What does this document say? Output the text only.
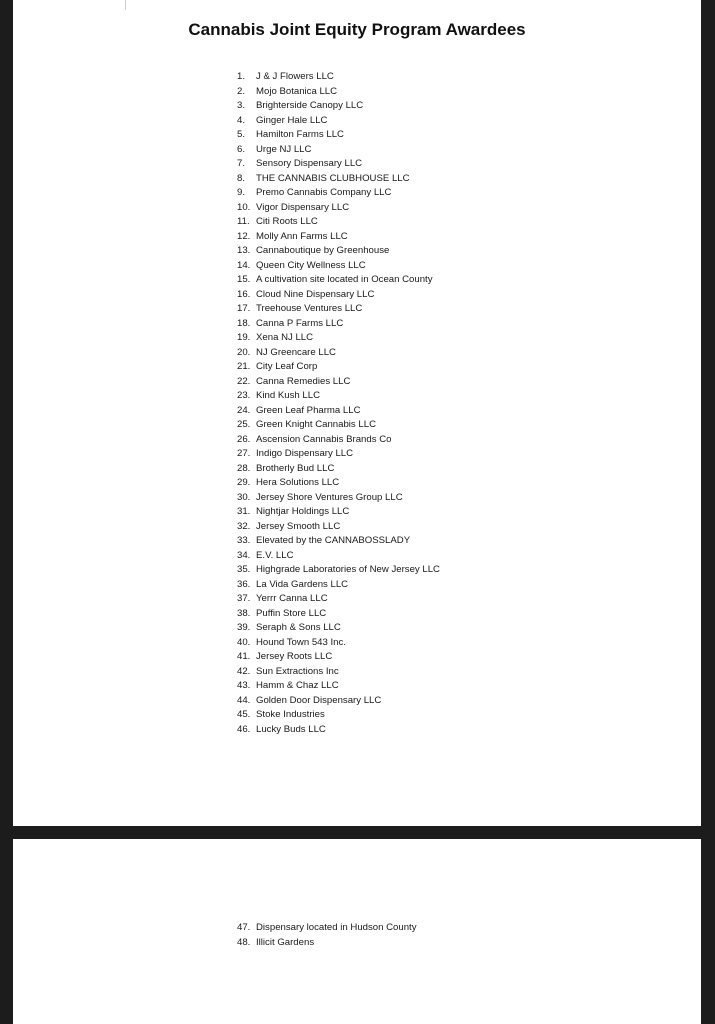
Cannabis Joint Equity Program Awardees
1. J & J Flowers LLC
2. Mojo Botanica LLC
3. Brighterside Canopy LLC
4. Ginger Hale LLC
5. Hamilton Farms LLC
6. Urge NJ LLC
7. Sensory Dispensary LLC
8. THE CANNABIS CLUBHOUSE LLC
9. Premo Cannabis Company LLC
10. Vigor Dispensary LLC
11. Citi Roots LLC
12. Molly Ann Farms LLC
13. Cannaboutique by Greenhouse
14. Queen City Wellness LLC
15. A cultivation site located in Ocean County
16. Cloud Nine Dispensary LLC
17. Treehouse Ventures LLC
18. Canna P Farms LLC
19. Xena NJ LLC
20. NJ Greencare LLC
21. City Leaf Corp
22. Canna Remedies LLC
23. Kind Kush LLC
24. Green Leaf Pharma LLC
25. Green Knight Cannabis LLC
26. Ascension Cannabis Brands Co
27. Indigo Dispensary LLC
28. Brotherly Bud LLC
29. Hera Solutions LLC
30. Jersey Shore Ventures Group LLC
31. Nightjar Holdings LLC
32. Jersey Smooth LLC
33. Elevated by the CANNABOSSLADY
34. E.V. LLC
35. Highgrade Laboratories of New Jersey LLC
36. La Vida Gardens LLC
37. Yerrr Canna LLC
38. Puffin Store LLC
39. Seraph & Sons LLC
40. Hound Town 543 Inc.
41. Jersey Roots LLC
42. Sun Extractions Inc
43. Hamm & Chaz LLC
44. Golden Door Dispensary LLC
45. Stoke Industries
46. Lucky Buds LLC
47. Dispensary located in Hudson County
48. Illicit Gardens
